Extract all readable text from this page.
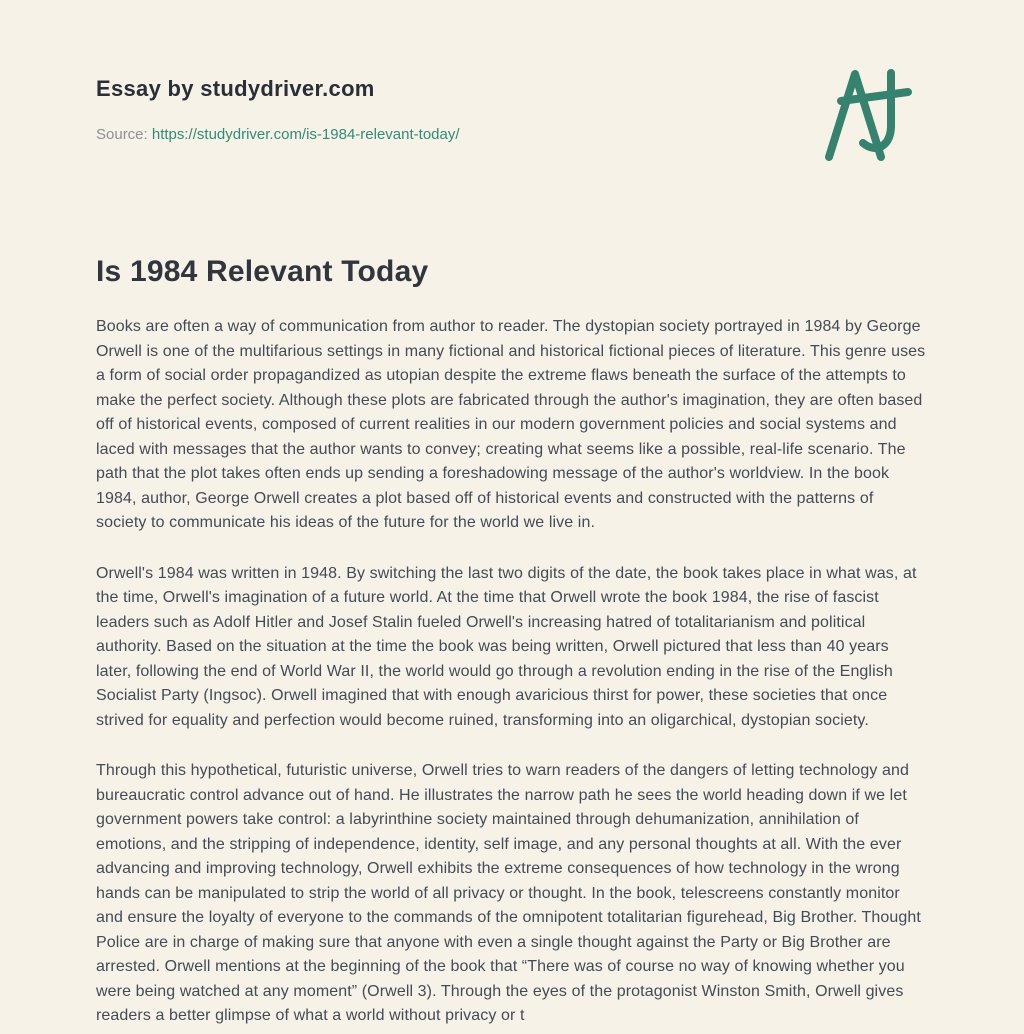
Essay by studydriver.com
Source: https://studydriver.com/is-1984-relevant-today/
Is 1984 Relevant Today

Books are often a way of communication from author to reader. The dystopian society portrayed in 1984 by George Orwell is one of the multifarious settings in many fictional and historical fictional pieces of literature. This genre uses a form of social order propagandized as utopian despite the extreme flaws beneath the surface of the attempts to make the perfect society. Although these plots are fabricated through the author's imagination, they are often based off of historical events, composed of current realities in our modern government policies and social systems and laced with messages that the author wants to convey; creating what seems like a possible, real-life scenario. The path that the plot takes often ends up sending a foreshadowing message of the author's worldview. In the book 1984, author, George Orwell creates a plot based off of historical events and constructed with the patterns of society to communicate his ideas of the future for the world we live in.

Orwell's 1984 was written in 1948. By switching the last two digits of the date, the book takes place in what was, at the time, Orwell's imagination of a future world. At the time that Orwell wrote the book 1984, the rise of fascist leaders such as Adolf Hitler and Josef Stalin fueled Orwell's increasing hatred of totalitarianism and political authority. Based on the situation at the time the book was being written, Orwell pictured that less than 40 years later, following the end of World War II, the world would go through a revolution ending in the rise of the English Socialist Party (Ingsoc). Orwell imagined that with enough avaricious thirst for power, these societies that once strived for equality and perfection would become ruined, transforming into an oligarchical, dystopian society.

Through this hypothetical, futuristic universe, Orwell tries to warn readers of the dangers of letting technology and bureaucratic control advance out of hand. He illustrates the narrow path he sees the world heading down if we let government powers take control: a labyrinthine society maintained through dehumanization, annihilation of emotions, and the stripping of independence, identity, self image, and any personal thoughts at all. With the ever advancing and improving technology, Orwell exhibits the extreme consequences of how technology in the wrong hands can be manipulated to strip the world of all privacy or thought. In the book, telescreens constantly monitor and ensure the loyalty of everyone to the commands of the omnipotent totalitarian figurehead, Big Brother. Thought Police are in charge of making sure that anyone with even a single thought against the Party or Big Brother are arrested. Orwell mentions at the beginning of the book that “There was of course no way of knowing whether you were being watched at any moment” (Orwell 3). Through the eyes of the protagonist Winston Smith, Orwell gives readers a better glimpse of what a world without privacy or t
